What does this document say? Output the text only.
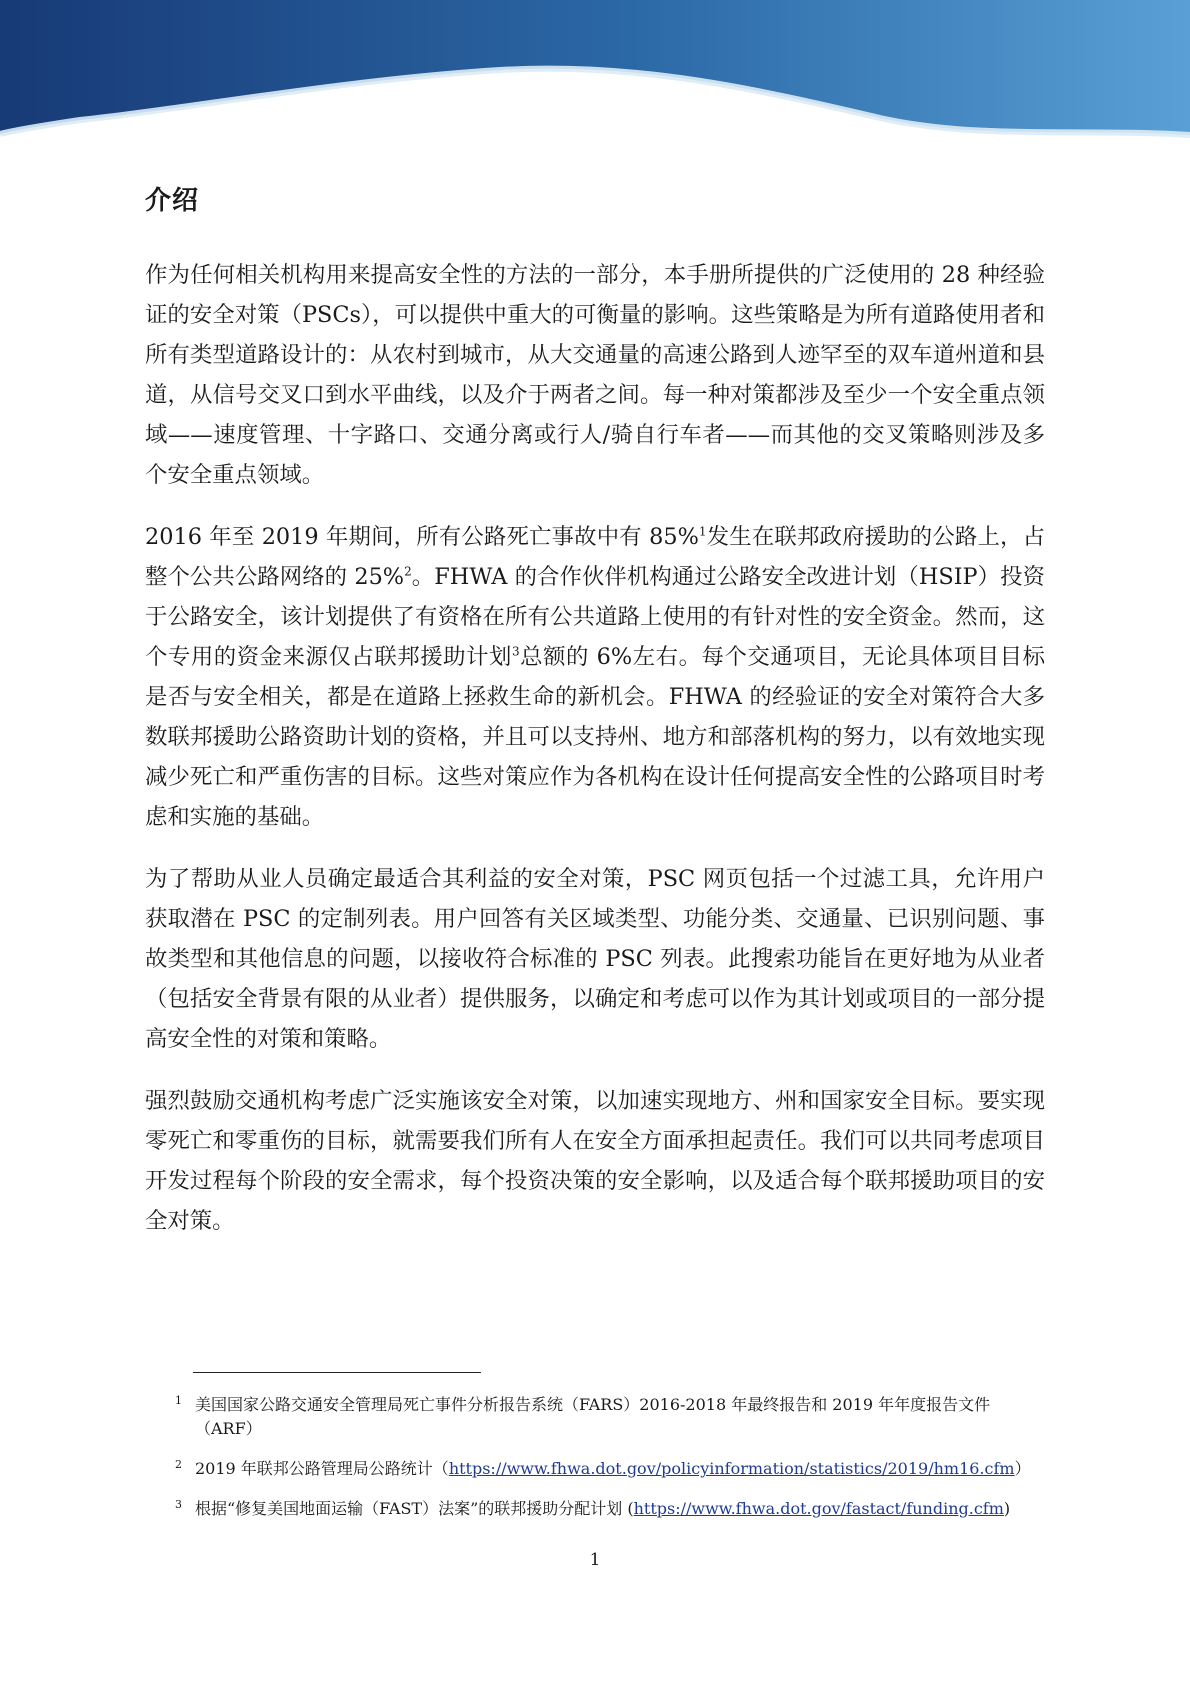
介绍

作为任何相关机构用来提高安全性的方法的一部分，本手册所提供的广泛使用的 28 种经验证的安全对策（PSCs），可以提供中重大的可衡量的影响。这些策略是为所有道路使用者和所有类型道路设计的：从农村到城市，从大交通量的高速公路到人迹罕至的双车道州道和县道，从信号交叉口到水平曲线，以及介于两者之间。每一种对策都涉及至少一个安全重点领域——速度管理、十字路口、交通分离或行人/骑自行车者——而其他的交叉策略则涉及多个安全重点领域。

2016 年至 2019 年期间，所有公路死亡事故中有 85%$^1$发生在联邦政府援助的公路上，占整个公共公路网络的 25%$^2$。FHWA 的合作伙伴机构通过公路安全改进计划（HSIP）投资于公路安全，该计划提供了有资格在所有公共道路上使用的有针对性的安全资金。然而，这个专用的资金来源仅占联邦援助计划$^3$总额的 6%左右。每个交通项目，无论具体项目目标是否与安全相关，都是在道路上拯救生命的新机会。FHWA 的经验证的安全对策符合大多数联邦援助公路资助计划的资格，并且可以支持州、地方和部落机构的努力，以有效地实现减少死亡和严重伤害的目标。这些对策应作为各机构在设计任何提高安全性的公路项目时考虑和实施的基础。

为了帮助从业人员确定最适合其利益的安全对策，PSC 网页包括一个过滤工具，允许用户获取潜在 PSC 的定制列表。用户回答有关区域类型、功能分类、交通量、已识别问题、事故类型和其他信息的问题，以接收符合标准的 PSC 列表。此搜索功能旨在更好地为从业者（包括安全背景有限的从业者）提供服务，以确定和考虑可以作为其计划或项目的一部分提高安全性的对策和策略。

强烈鼓励交通机构考虑广泛实施该安全对策，以加速实现地方、州和国家安全目标。要实现零死亡和零重伤的目标，就需要我们所有人在安全方面承担起责任。我们可以共同考虑项目开发过程每个阶段的安全需求，每个投资决策的安全影响，以及适合每个联邦援助项目的安全对策。

1 美国国家公路交通安全管理局死亡事件分析报告系统（FARS）2016-2018 年最终报告和 2019 年年度报告文件（ARF）
2 2019 年联邦公路管理局公路统计（https://www.fhwa.dot.gov/policyinformation/statistics/2019/hm16.cfm）
3 根据“修复美国地面运输（FAST）法案”的联邦援助分配计划 (https://www.fhwa.dot.gov/fastact/funding.cfm)
1
